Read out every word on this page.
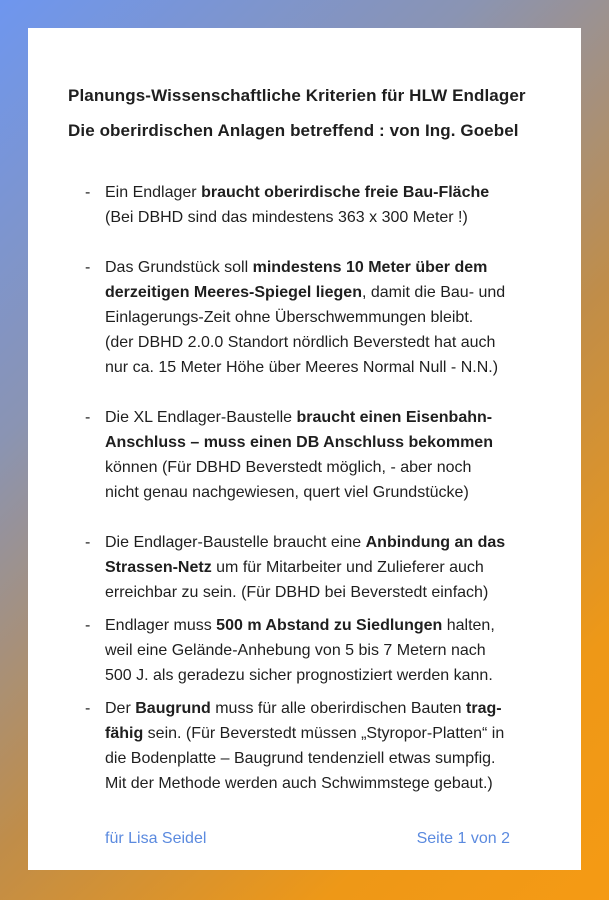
Planungs-Wissenschaftliche Kriterien für HLW Endlager
Die oberirdischen Anlagen betreffend : von Ing. Goebel
- Ein Endlager braucht oberirdische freie Bau-Fläche
(Bei DBHD sind das mindestens 363 x 300 Meter !)
- Das Grundstück soll mindestens 10 Meter über dem
derzeitigen Meeres-Spiegel liegen, damit die Bau- und
Einlagerungs-Zeit ohne Überschwemmungen bleibt.
(der DBHD 2.0.0 Standort nördlich Beverstedt hat auch
nur ca. 15 Meter Höhe über Meeres Normal Null - N.N.)
- Die XL Endlager-Baustelle braucht einen Eisenbahn-
Anschluss – muss einen DB Anschluss bekommen
können (Für DBHD Beverstedt möglich, - aber noch
nicht genau nachgewiesen, quert viel Grundstücke)
- Die Endlager-Baustelle braucht eine Anbindung an das
Strassen-Netz um für Mitarbeiter und Zulieferer auch
erreichbar zu sein. (Für DBHD bei Beverstedt einfach)
- Endlager muss 500 m Abstand zu Siedlungen halten,
weil eine Gelände-Anhebung von 5 bis 7 Metern nach
500 J. als geradezu sicher prognostiziert werden kann.
- Der Baugrund muss für alle oberirdischen Bauten trag-
fähig sein. (Für Beverstedt müssen „Styropor-Platten“ in
die Bodenplatte – Baugrund tendenziell etwas sumpfig.
Mit der Methode werden auch Schwimmstege gebaut.)
für Lisa Seidel	Seite 1 von 2
